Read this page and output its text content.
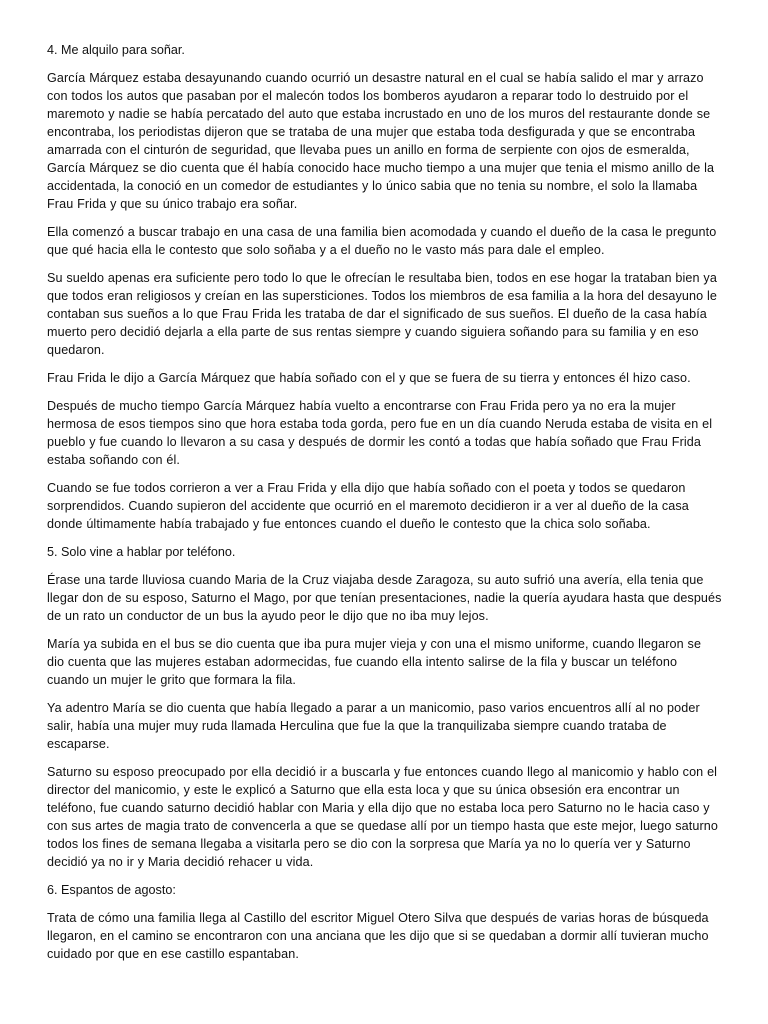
4. Me alquilo para soñar.

García Márquez estaba desayunando cuando ocurrió un desastre natural en el cual se había salido el mar y arrazo
con todos los autos que pasaban por el malecón todos los bomberos ayudaron a reparar todo lo destruido por el
maremoto y nadie se había percatado del auto que estaba incrustado en uno de los muros del restaurante donde se
encontraba, los periodistas dijeron que se trataba de una mujer que estaba toda desfigurada y que se encontraba
amarrada con el cinturón de seguridad, que llevaba pues un anillo en forma de serpiente con ojos de esmeralda,
García Márquez se dio cuenta que él había conocido hace mucho tiempo a una mujer que tenia el mismo anillo de la
accidentada, la conoció en un comedor de estudiantes y lo único sabia que no tenia su nombre, el solo la llamaba
Frau Frida y que su único trabajo era soñar.

Ella comenzó a buscar trabajo en una casa de una familia bien acomodada y cuando el dueño de la casa le pregunto
que qué hacia ella le contesto que solo soñaba y a el dueño no le vasto más para dale el empleo.

Su sueldo apenas era suficiente pero todo lo que le ofrecían le resultaba bien, todos en ese hogar la trataban bien ya
que todos eran religiosos y creían en las supersticiones. Todos los miembros de esa familia a la hora del desayuno le
contaban sus sueños a lo que Frau Frida les trataba de dar el significado de sus sueños. El dueño de la casa había
muerto pero decidió dejarla a ella parte de sus rentas siempre y cuando siguiera soñando para su familia y en eso
quedaron.

Frau Frida le dijo a García Márquez que había soñado con el y que se fuera de su tierra y entonces él hizo caso.

Después de mucho tiempo García Márquez había vuelto a encontrarse con Frau Frida pero ya no era la mujer
hermosa de esos tiempos sino que hora estaba toda gorda, pero fue en un día cuando Neruda estaba de visita en el
pueblo y fue cuando lo llevaron a su casa y después de dormir les contó a todas que había soñado que Frau Frida
estaba soñando con él.

Cuando se fue todos corrieron a ver a Frau Frida y ella dijo que había soñado con el poeta y todos se quedaron
sorprendidos. Cuando supieron del accidente que ocurrió en el maremoto decidieron ir a ver al dueño de la casa
donde últimamente había trabajado y fue entonces cuando el dueño le contesto que la chica solo soñaba.

5. Solo vine a hablar por teléfono.

Érase una tarde lluviosa cuando Maria de la Cruz viajaba desde Zaragoza, su auto sufrió una avería, ella tenia que
llegar don de su esposo, Saturno el Mago, por que tenían presentaciones, nadie la quería ayudara hasta que después
de un rato un conductor de un bus la ayudo peor le dijo que no iba muy lejos.

María ya subida en el bus se dio cuenta que iba pura mujer vieja y con una el mismo uniforme, cuando llegaron se
dio cuenta que las mujeres estaban adormecidas, fue cuando ella intento salirse de la fila y buscar un teléfono
cuando un mujer le grito que formara la fila.

Ya adentro María se dio cuenta que había llegado a parar a un manicomio, paso varios encuentros allí al no poder
salir, había una mujer muy ruda llamada Herculina que fue la que la tranquilizaba siempre cuando trataba de
escaparse.

Saturno su esposo preocupado por ella decidió ir a buscarla y fue entonces cuando llego al manicomio y hablo con el
director del manicomio, y este le explicó a Saturno que ella esta loca y que su única obsesión era encontrar un
teléfono, fue cuando saturno decidió hablar con Maria y ella dijo que no estaba loca pero Saturno no le hacia caso y
con sus artes de magia trato de convencerla a que se quedase allí por un tiempo hasta que este mejor, luego saturno
todos los fines de semana llegaba a visitarla pero se dio con la sorpresa que María ya no lo quería ver y Saturno
decidió ya no ir y Maria decidió rehacer u vida.

6. Espantos de agosto:

Trata de cómo una familia llega al Castillo del escritor Miguel Otero Silva que después de varias horas de búsqueda
llegaron, en el camino se encontraron con una anciana que les dijo que si se quedaban a dormir allí tuvieran mucho
cuidado por que en ese castillo espantaban.
